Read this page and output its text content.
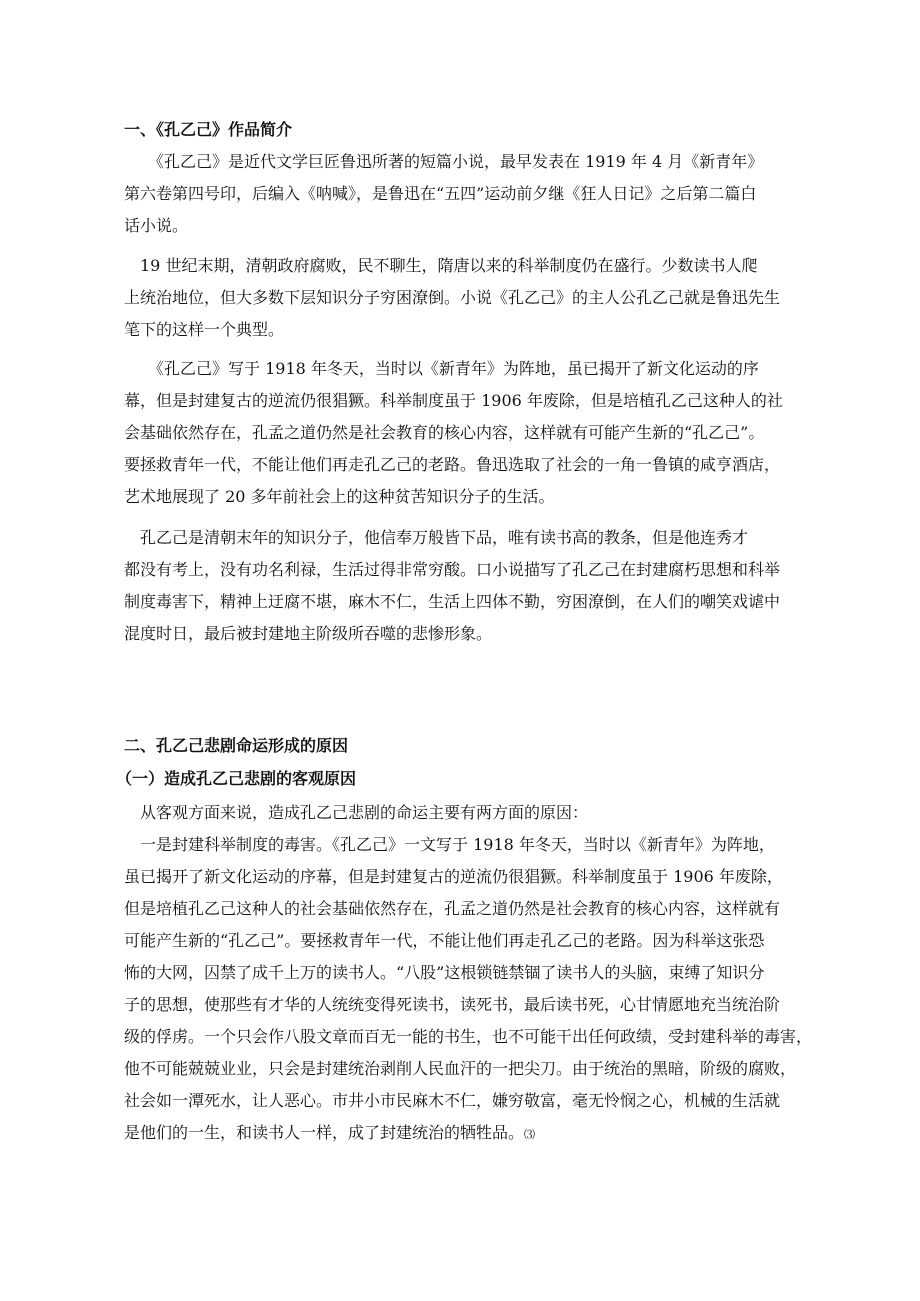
一、《孔乙己》作品简介
　　《孔乙己》是近代文学巨匠鲁迅所著的短篇小说，最早发表在 1919 年 4 月《新青年》
第六卷第四号印，后编入《呐喊》，是鲁迅在“五四”运动前夕继《狂人日记》之后第二篇白
话小说。
　19 世纪末期，清朝政府腐败，民不聊生，隋唐以来的科举制度仍在盛行。少数读书人爬
上统治地位，但大多数下层知识分子穷困潦倒。小说《孔乙己》的主人公孔乙己就是鲁迅先生
笔下的这样一个典型。
　　《孔乙己》写于 1918 年冬天，当时以《新青年》为阵地，虽已揭开了新文化运动的序
幕，但是封建复古的逆流仍很猖獗。科举制度虽于 1906 年废除，但是培植孔乙己这种人的社
会基础依然存在，孔孟之道仍然是社会教育的核心内容，这样就有可能产生新的“孔乙己”。
要拯救青年一代，不能让他们再走孔乙己的老路。鲁迅选取了社会的一角一鲁镇的咸亨酒店，
艺术地展现了 20 多年前社会上的这种贫苦知识分子的生活。
　孔乙己是清朝末年的知识分子，他信奉万般皆下品，唯有读书高的教条，但是他连秀才
都没有考上，没有功名利禄，生活过得非常穷酸。口小说描写了孔乙己在封建腐朽思想和科举
制度毒害下，精神上迂腐不堪，麻木不仁，生活上四体不勤，穷困潦倒，在人们的嘲笑戏谑中
混度时日，最后被封建地主阶级所吞噬的悲惨形象。
二、孔乙己悲剧命运形成的原因
（一）造成孔乙己悲剧的客观原因
　从客观方面来说，造成孔乙己悲剧的命运主要有两方面的原因：
　一是封建科举制度的毒害。《孔乙己》一文写于 1918 年冬天，当时以《新青年》为阵地，
虽已揭开了新文化运动的序幕，但是封建复古的逆流仍很猖獗。科举制度虽于 1906 年废除，
但是培植孔乙己这种人的社会基础依然存在，孔孟之道仍然是社会教育的核心内容，这样就有
可能产生新的“孔乙己”。要拯救青年一代，不能让他们再走孔乙己的老路。因为科举这张恐
怖的大网，囚禁了成千上万的读书人。“八股”这根锁链禁锢了读书人的头脑，束缚了知识分
子的思想，使那些有才华的人统统变得死读书，读死书，最后读书死，心甘情愿地充当统治阶
级的俘虏。一个只会作八股文章而百无一能的书生，也不可能干出任何政绩，受封建科举的毒害，
他不可能兢兢业业，只会是封建统治剥削人民血汗的一把尖刀。由于统治的黑暗，阶级的腐败，
社会如一潭死水，让人恶心。市井小市民麻木不仁，嫌穷敬富，毫无怜悯之心，机械的生活就
是他们的一生，和读书人一样，成了封建统治的牺牲品。⑶
